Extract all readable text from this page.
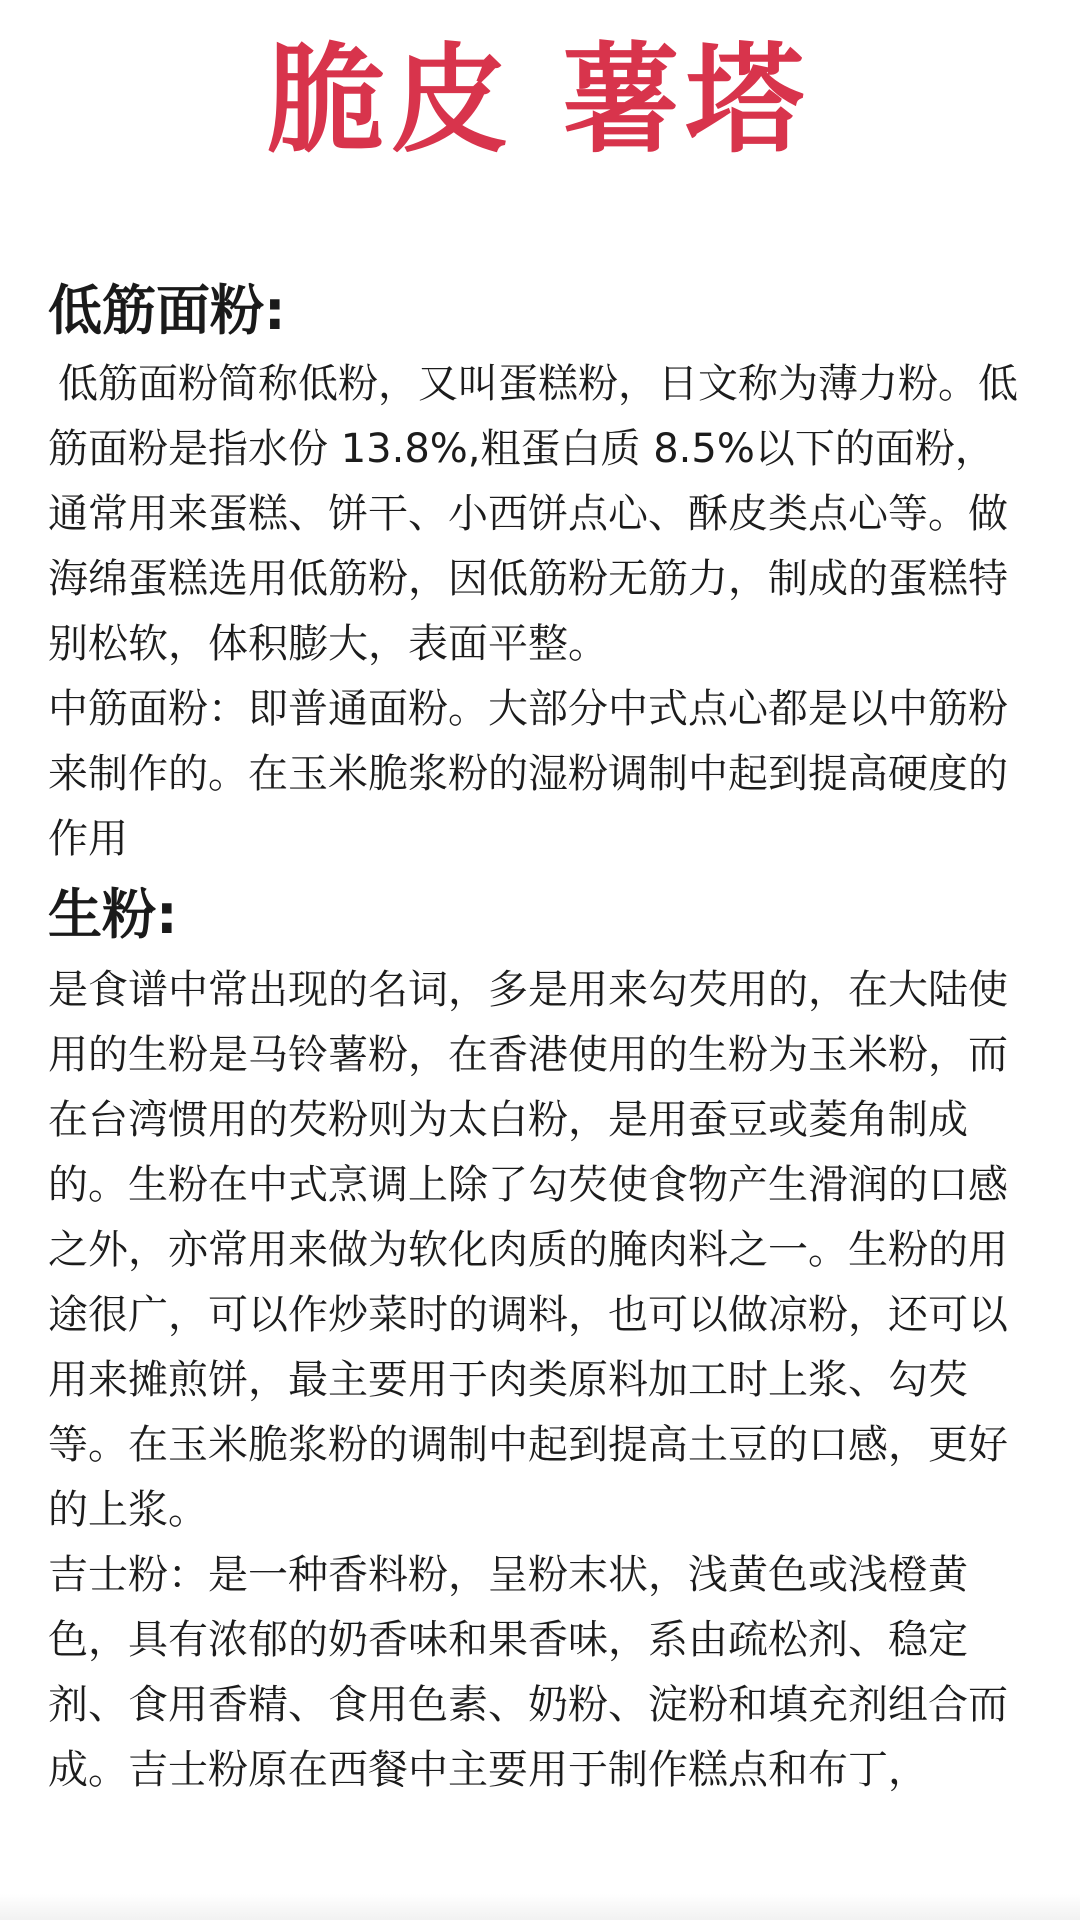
脆皮 薯塔
低筋面粉:

低筋面粉简称低粉，又叫蛋糕粉，日文称为薄力粉。低筋面粉是指水份 13.8%,粗蛋白质 8.5%以下的面粉，通常用来蛋糕、饼干、小西饼点心、酥皮类点心等。做海绵蛋糕选用低筋粉，因低筋粉无筋力，制成的蛋糕特别松软，体积膨大，表面平整。

中筋面粉：即普通面粉。大部分中式点心都是以中筋粉来制作的。在玉米脆浆粉的湿粉调制中起到提高硬度的作用

生粉:

是食谱中常出现的名词，多是用来勾芡用的，在大陆使用的生粉是马铃薯粉，在香港使用的生粉为玉米粉，而在台湾惯用的芡粉则为太白粉，是用蚕豆或菱角制成的。生粉在中式烹调上除了勾芡使食物产生滑润的口感之外，亦常用来做为软化肉质的腌肉料之一。生粉的用途很广，可以作炒菜时的调料，也可以做凉粉，还可以用来摊煎饼，最主要用于肉类原料加工时上浆、勾芡等。在玉米脆浆粉的调制中起到提高土豆的口感，更好的上浆。

吉士粉：是一种香料粉，呈粉末状，浅黄色或浅橙黄色，具有浓郁的奶香味和果香味，系由疏松剂、稳定剂、食用香精、食用色素、奶粉、淀粉和填充剂组合而成。吉士粉原在西餐中主要用于制作糕点和布丁，
